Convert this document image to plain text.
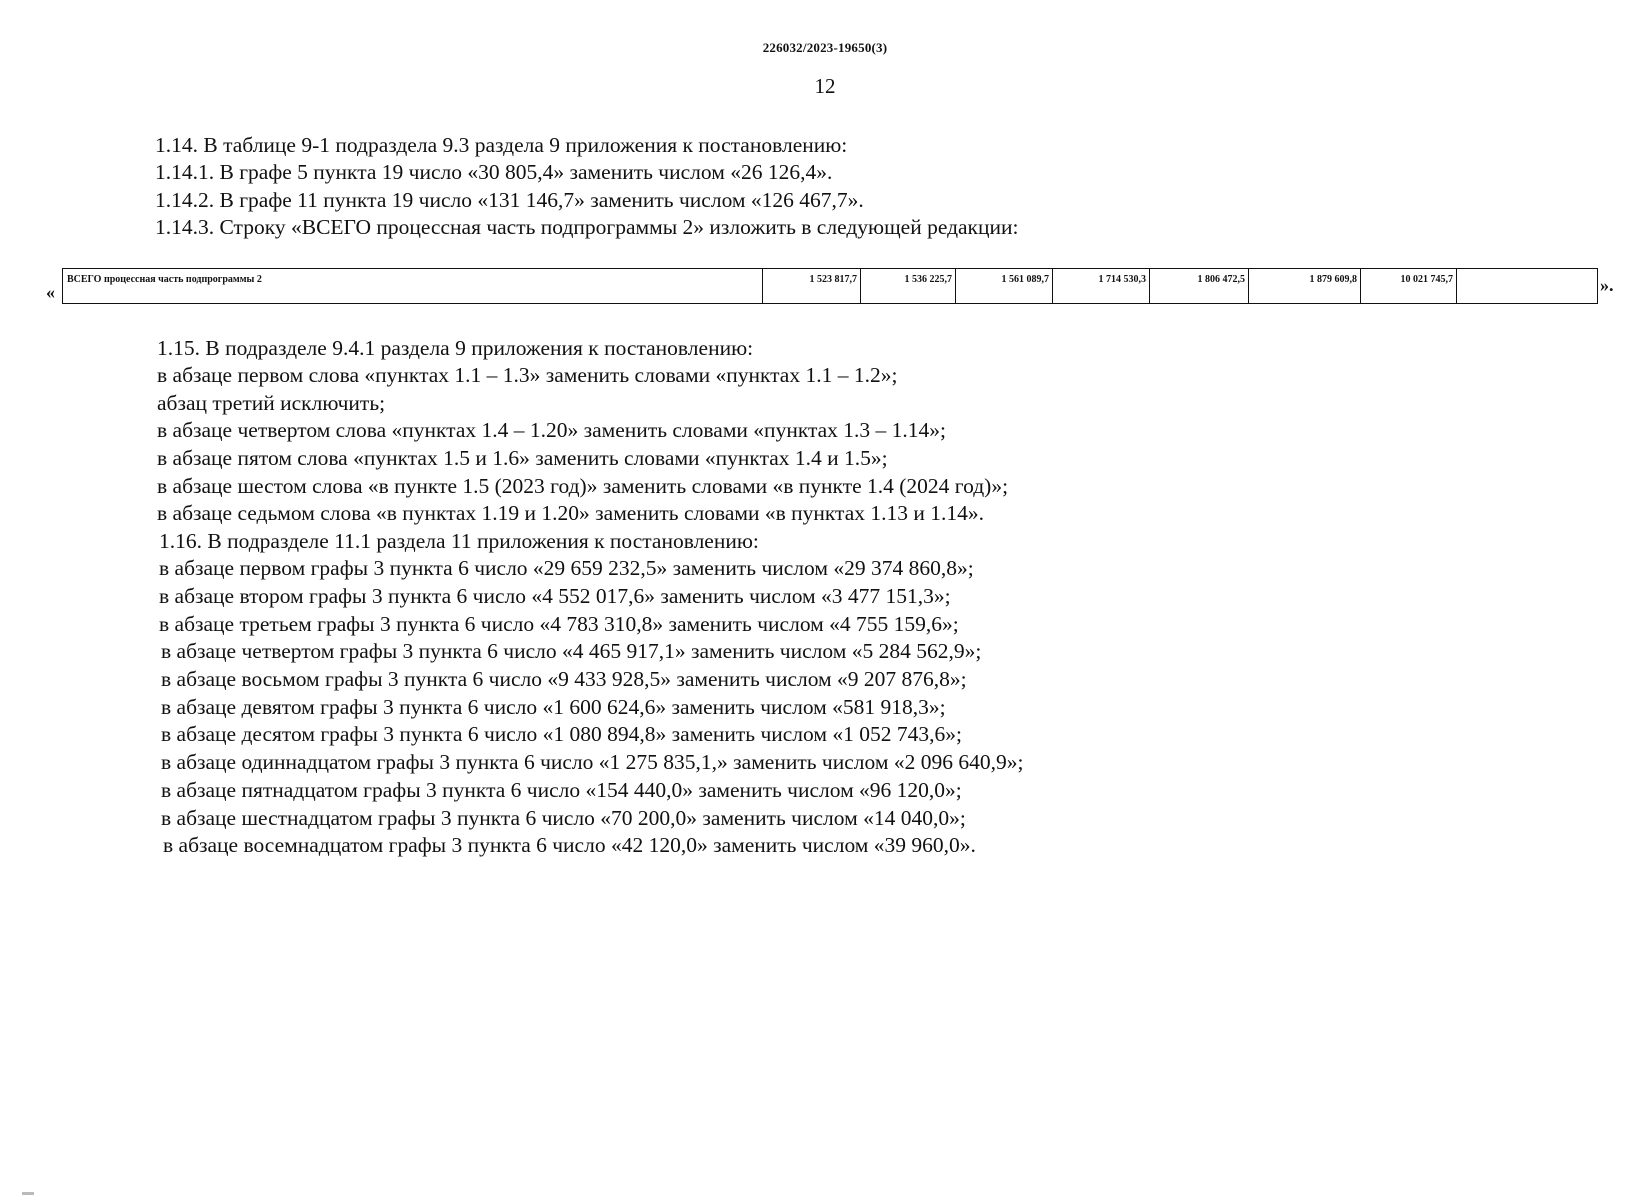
226032/2023-19650(3)
12
1.14. В таблице 9-1 подраздела 9.3 раздела 9 приложения к постановлению:
1.14.1. В графе 5 пункта 19 число «30 805,4» заменить числом «26 126,4».
1.14.2. В графе 11 пункта 19 число «131 146,7» заменить числом «126 467,7».
1.14.3. Строку «ВСЕГО процессная часть подпрограммы 2» изложить в следующей редакции:
«
ВСЕГО процессная часть подпрограммы 2	1 523 817,7	1 536 225,7	1 561 089,7	1 714 530,3	1 806 472,5	1 879 609,8	10 021 745,7		».
1.15. В подразделе 9.4.1 раздела 9 приложения к постановлению:
в абзаце первом слова «пунктах 1.1 – 1.3» заменить словами «пунктах 1.1 – 1.2»;
абзац третий исключить;
в абзаце четвертом слова «пунктах 1.4 – 1.20» заменить словами «пунктах 1.3 – 1.14»;
в абзаце пятом слова «пунктах 1.5 и 1.6» заменить словами «пунктах 1.4 и 1.5»;
в абзаце шестом слова «в пункте 1.5 (2023 год)» заменить словами «в пункте 1.4 (2024 год)»;
в абзаце седьмом слова «в пунктах 1.19 и 1.20» заменить словами «в пунктах 1.13 и 1.14».
1.16. В подразделе 11.1 раздела 11 приложения к постановлению:
в абзаце первом графы 3 пункта 6 число «29 659 232,5» заменить числом «29 374 860,8»;
в абзаце втором графы 3 пункта 6 число «4 552 017,6» заменить числом «3 477 151,3»;
в абзаце третьем графы 3 пункта 6 число «4 783 310,8» заменить числом «4 755 159,6»;
в абзаце четвертом графы 3 пункта 6 число «4 465 917,1» заменить числом «5 284 562,9»;
в абзаце восьмом графы 3 пункта 6 число «9 433 928,5» заменить числом «9 207 876,8»;
в абзаце девятом графы 3 пункта 6 число «1 600 624,6» заменить числом «581 918,3»;
в абзаце десятом графы 3 пункта 6 число «1 080 894,8» заменить числом «1 052 743,6»;
в абзаце одиннадцатом графы 3 пункта 6 число «1 275 835,1,» заменить числом «2 096 640,9»;
в абзаце пятнадцатом графы 3 пункта 6 число «154 440,0» заменить числом «96 120,0»;
в абзаце шестнадцатом графы 3 пункта 6 число «70 200,0» заменить числом «14 040,0»;
в абзаце восемнадцатом графы 3 пункта 6 число «42 120,0» заменить числом «39 960,0».
